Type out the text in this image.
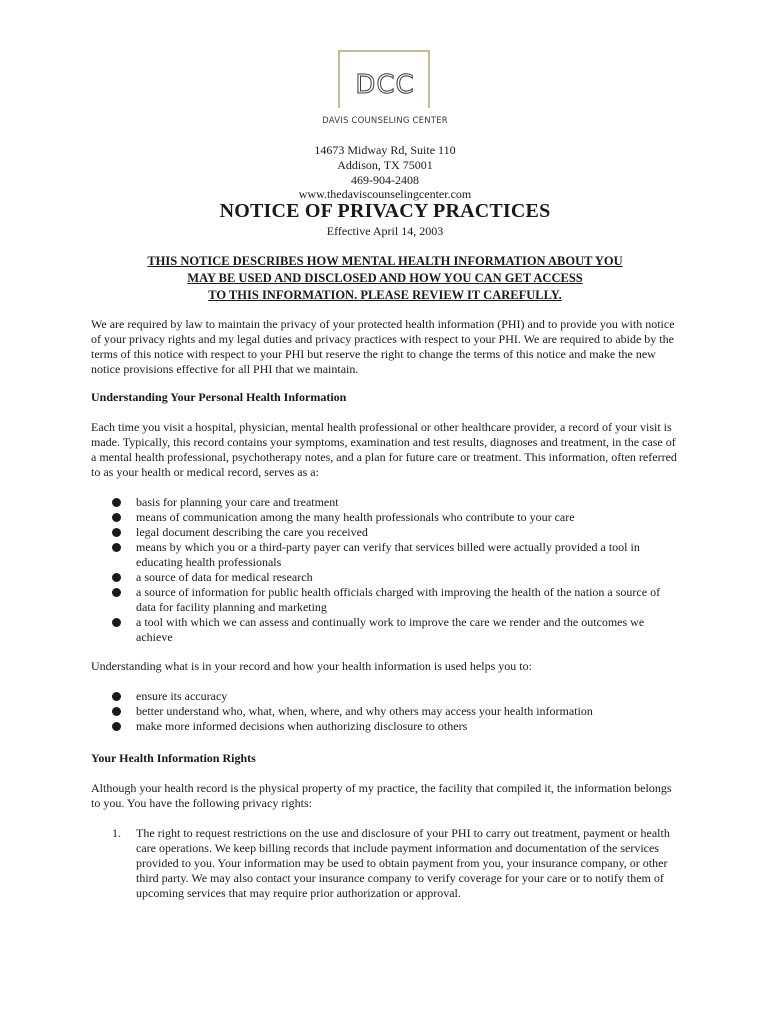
DCC
DAVIS COUNSELING CENTER
14673 Midway Rd, Suite 110
Addison, TX 75001
469-904-2408
www.thedaviscounselingcenter.com
NOTICE OF PRIVACY PRACTICES
Effective April 14, 2003
THIS NOTICE DESCRIBES HOW MENTAL HEALTH INFORMATION ABOUT YOU
MAY BE USED AND DISCLOSED AND HOW YOU CAN GET ACCESS
TO THIS INFORMATION. PLEASE REVIEW IT CAREFULLY.
We are required by law to maintain the privacy of your protected health information (PHI) and to provide you with notice of your privacy rights and my legal duties and privacy practices with respect to your PHI. We are required to abide by the terms of this notice with respect to your PHI but reserve the right to change the terms of this notice and make the new notice provisions effective for all PHI that we maintain.
Understanding Your Personal Health Information
Each time you visit a hospital, physician, mental health professional or other healthcare provider, a record of your visit is made. Typically, this record contains your symptoms, examination and test results, diagnoses and treatment, in the case of a mental health professional, psychotherapy notes, and a plan for future care or treatment. This information, often referred to as your health or medical record, serves as a:
basis for planning your care and treatment
means of communication among the many health professionals who contribute to your care
legal document describing the care you received
means by which you or a third-party payer can verify that services billed were actually provided a tool in educating health professionals
a source of data for medical research
a source of information for public health officials charged with improving the health of the nation a source of data for facility planning and marketing
a tool with which we can assess and continually work to improve the care we render and the outcomes we achieve
Understanding what is in your record and how your health information is used helps you to:
ensure its accuracy
better understand who, what, when, where, and why others may access your health information
make more informed decisions when authorizing disclosure to others
Your Health Information Rights
Although your health record is the physical property of my practice, the facility that compiled it, the information belongs to you. You have the following privacy rights:
1. The right to request restrictions on the use and disclosure of your PHI to carry out treatment, payment or health care operations. We keep billing records that include payment information and documentation of the services provided to you. Your information may be used to obtain payment from you, your insurance company, or other third party. We may also contact your insurance company to verify coverage for your care or to notify them of upcoming services that may require prior authorization or approval.
